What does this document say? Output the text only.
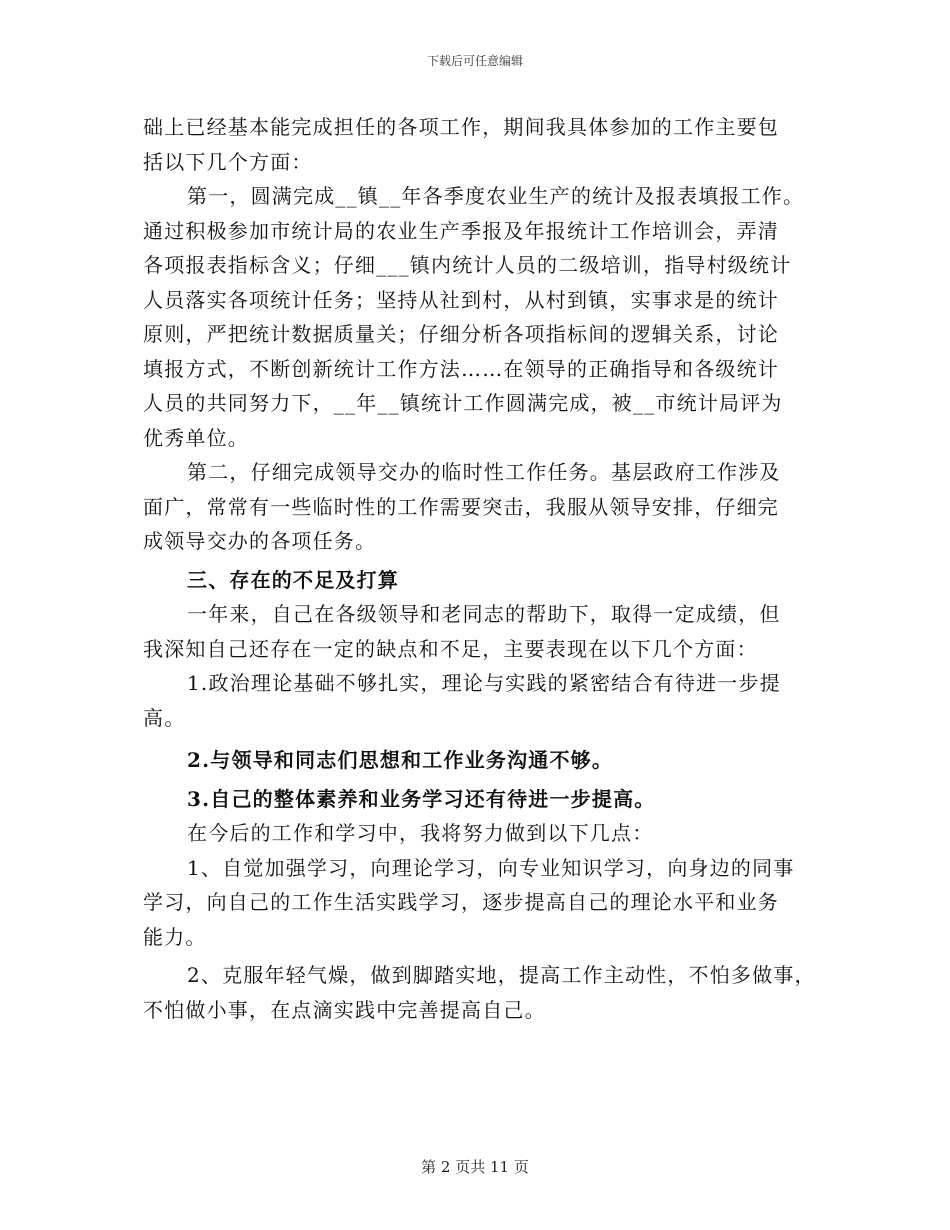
下载后可任意编辑
础上已经基本能完成担任的各项工作，期间我具体参加的工作主要包
括以下几个方面：
第一，圆满完成__镇__年各季度农业生产的统计及报表填报工作。
通过积极参加市统计局的农业生产季报及年报统计工作培训会，弄清
各项报表指标含义；仔细___镇内统计人员的二级培训，指导村级统计
人员落实各项统计任务；坚持从社到村，从村到镇，实事求是的统计
原则，严把统计数据质量关；仔细分析各项指标间的逻辑关系，讨论
填报方式，不断创新统计工作方法……在领导的正确指导和各级统计
人员的共同努力下，__年__镇统计工作圆满完成，被__市统计局评为
优秀单位。
第二，仔细完成领导交办的临时性工作任务。基层政府工作涉及
面广，常常有一些临时性的工作需要突击，我服从领导安排，仔细完
成领导交办的各项任务。
三、存在的不足及打算
一年来，自己在各级领导和老同志的帮助下，取得一定成绩，但
我深知自己还存在一定的缺点和不足，主要表现在以下几个方面：
1.政治理论基础不够扎实，理论与实践的紧密结合有待进一步提
高。
2.与领导和同志们思想和工作业务沟通不够。
3.自己的整体素养和业务学习还有待进一步提高。
在今后的工作和学习中，我将努力做到以下几点：
1、自觉加强学习，向理论学习，向专业知识学习，向身边的同事
学习，向自己的工作生活实践学习，逐步提高自己的理论水平和业务
能力。
2、克服年轻气燥，做到脚踏实地，提高工作主动性，不怕多做事，
不怕做小事，在点滴实践中完善提高自己。
第 2 页共 11 页
